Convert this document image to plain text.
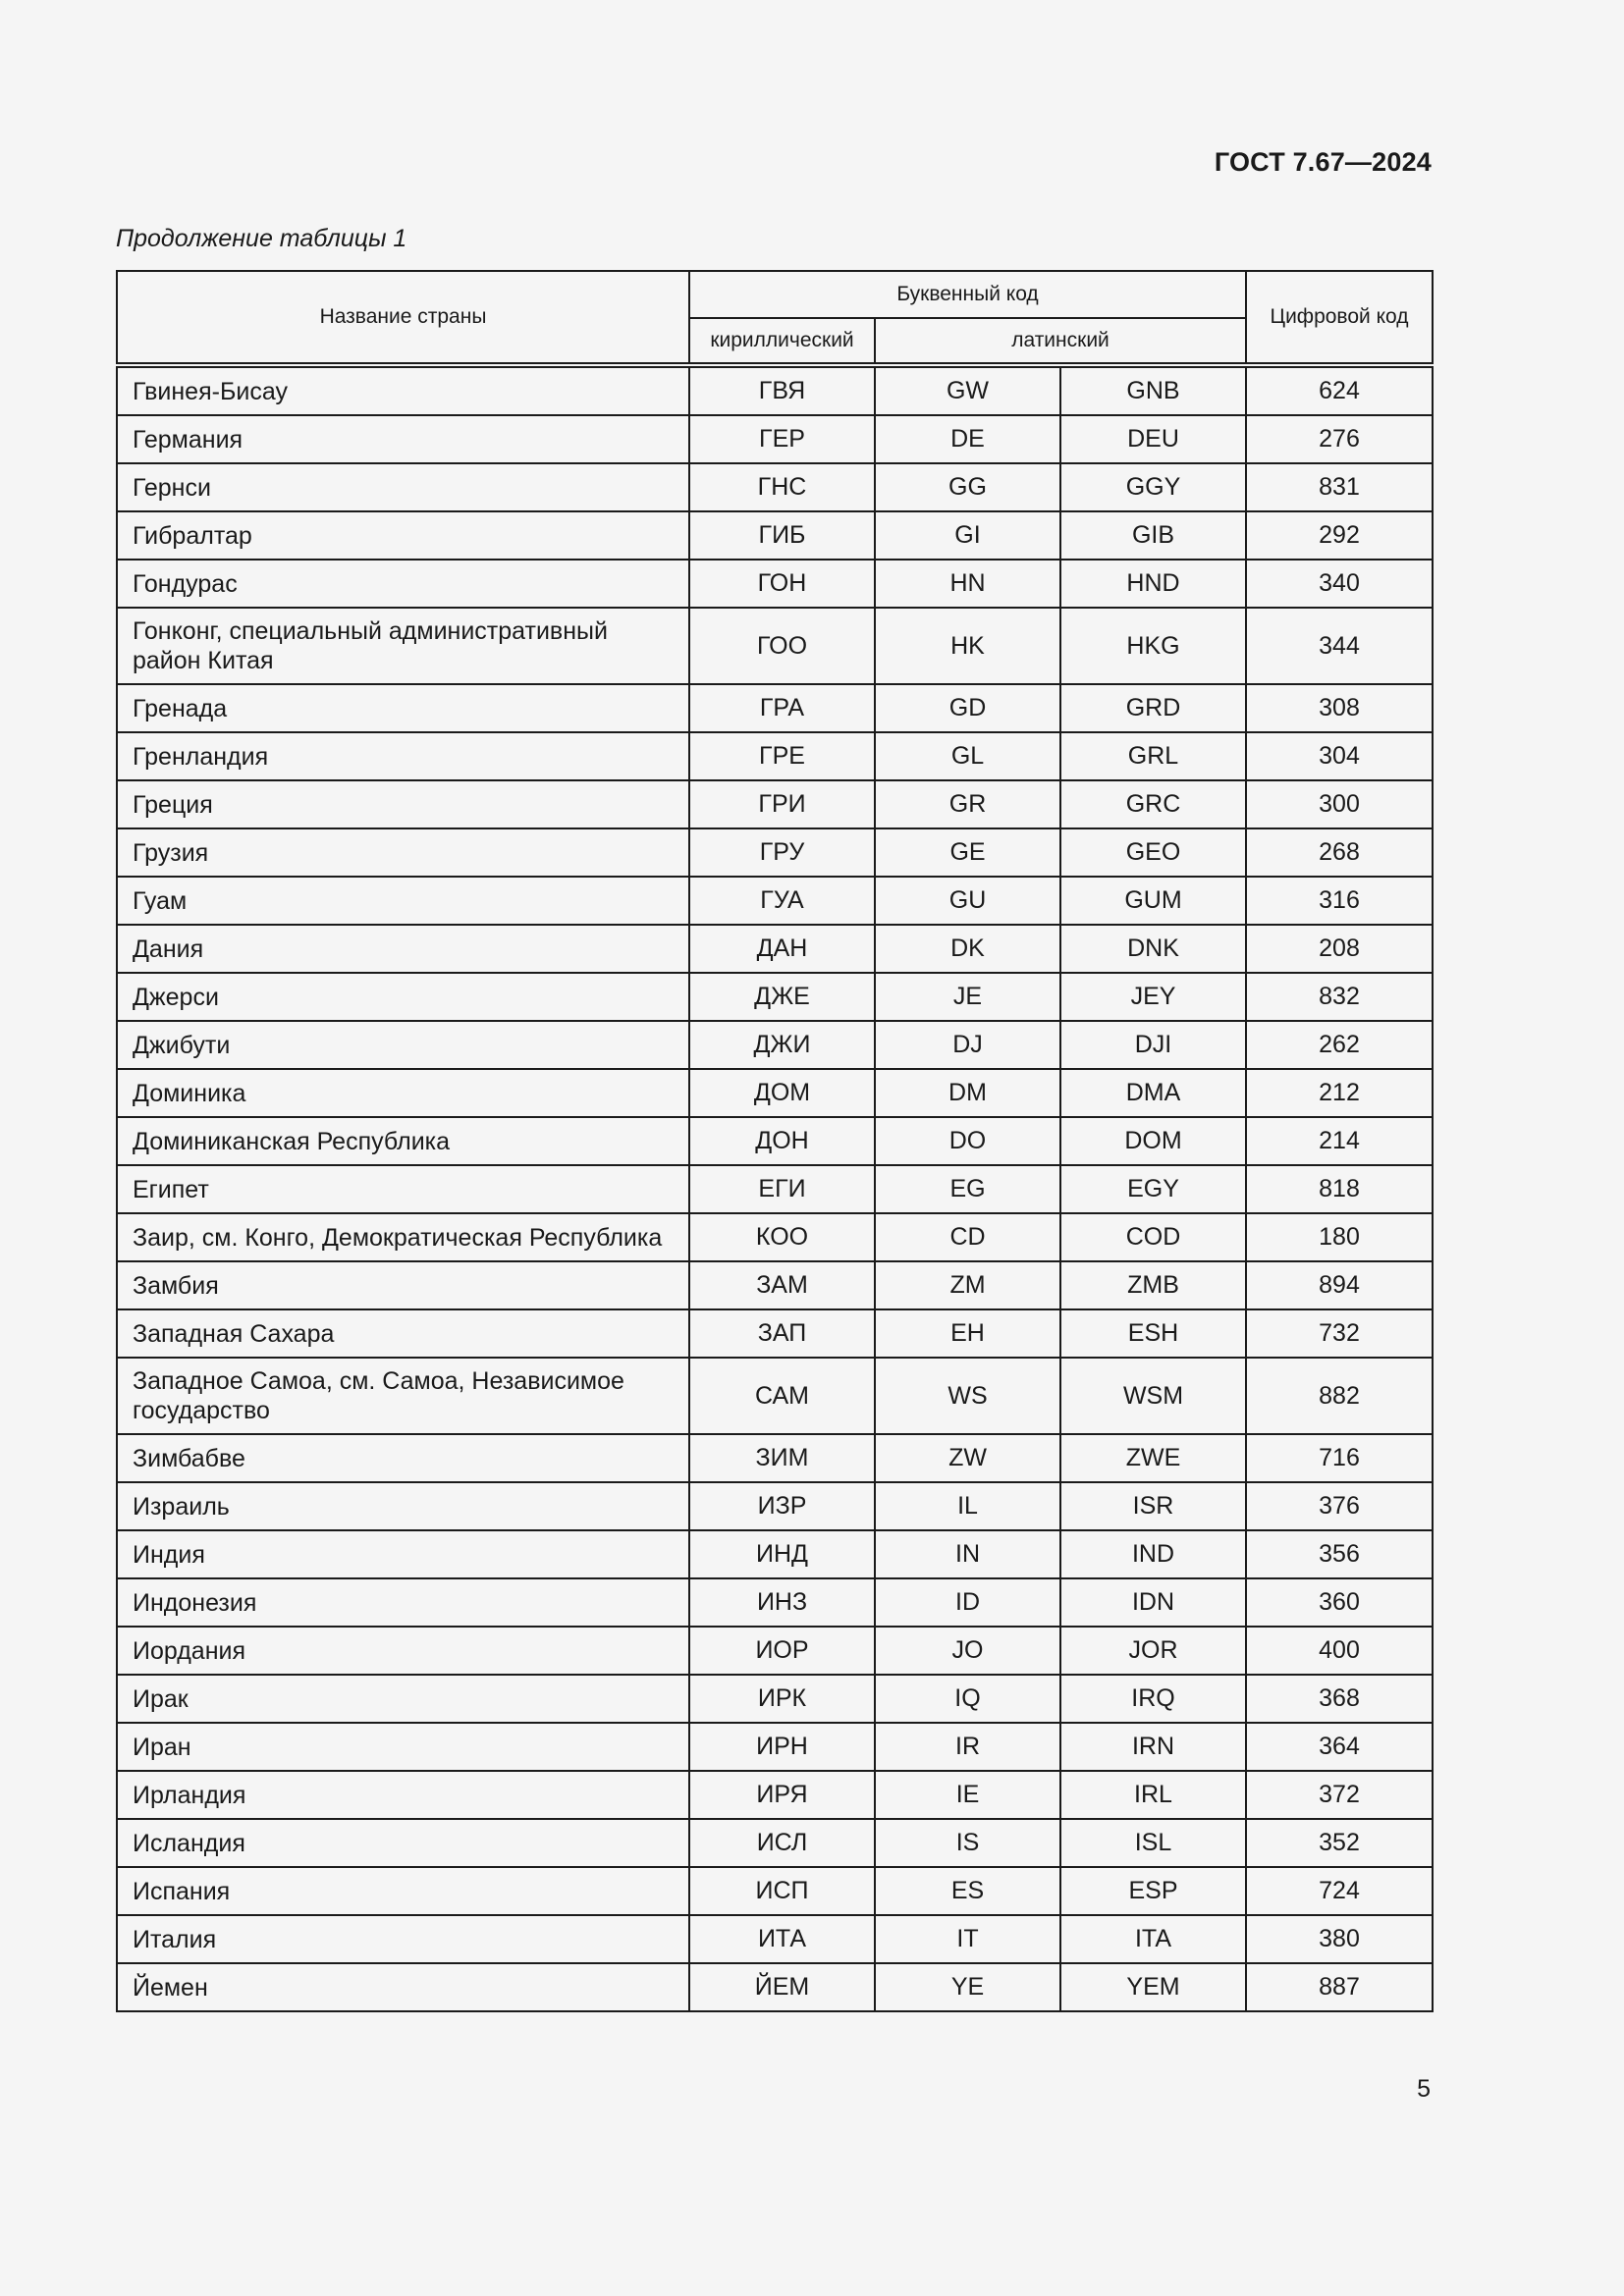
ГОСТ 7.67—2024
Продолжение таблицы 1
Название страны	Буквенный код			Цифровой код
	кириллический	латинский		
Гвинея-Бисау	ГВЯ	GW	GNB	624
Германия	ГЕР	DE	DEU	276
Гернси	ГНС	GG	GGY	831
Гибралтар	ГИБ	GI	GIB	292
Гондурас	ГОН	HN	HND	340
Гонконг, специальный административный район Китая	ГОО	HK	HKG	344
Гренада	ГРА	GD	GRD	308
Гренландия	ГРЕ	GL	GRL	304
Греция	ГРИ	GR	GRC	300
Грузия	ГРУ	GE	GEO	268
Гуам	ГУА	GU	GUM	316
Дания	ДАН	DK	DNK	208
Джерси	ДЖЕ	JE	JEY	832
Джибути	ДЖИ	DJ	DJI	262
Доминика	ДОМ	DM	DMA	212
Доминиканская Республика	ДОН	DO	DOM	214
Египет	ЕГИ	EG	EGY	818
Заир, см. Конго, Демократическая Республика	КОО	CD	COD	180
Замбия	ЗАМ	ZM	ZMB	894
Западная Сахара	ЗАП	EH	ESH	732
Западное Самоа, см. Самоа, Независимое государство	САМ	WS	WSM	882
Зимбабве	ЗИМ	ZW	ZWE	716
Израиль	ИЗР	IL	ISR	376
Индия	ИНД	IN	IND	356
Индонезия	ИНЗ	ID	IDN	360
Иордания	ИОР	JO	JOR	400
Ирак	ИРК	IQ	IRQ	368
Иран	ИРН	IR	IRN	364
Ирландия	ИРЯ	IE	IRL	372
Исландия	ИСЛ	IS	ISL	352
Испания	ИСП	ES	ESP	724
Италия	ИТА	IT	ITA	380
Йемен	ЙЕМ	YE	YEM	887
5
